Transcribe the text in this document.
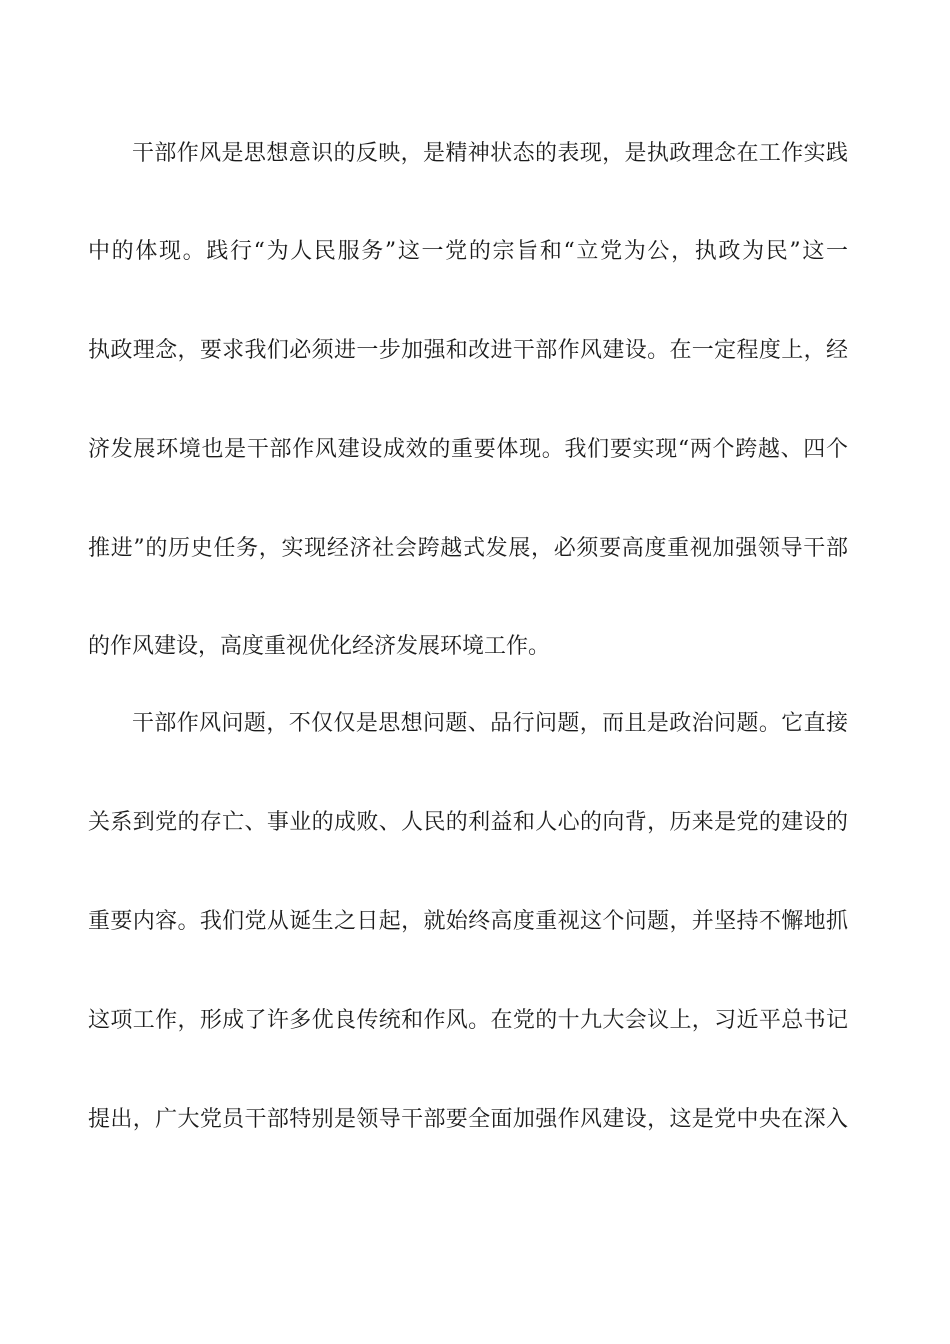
干部作风是思想意识的反映，是精神状态的表现，是执政理念在工作实践
中的体现。践行“为人民服务”这一党的宗旨和“立党为公，执政为民”这一
执政理念，要求我们必须进一步加强和改进干部作风建设。在一定程度上，经
济发展环境也是干部作风建设成效的重要体现。我们要实现“两个跨越、四个
推进”的历史任务，实现经济社会跨越式发展，必须要高度重视加强领导干部
的作风建设，高度重视优化经济发展环境工作。
干部作风问题，不仅仅是思想问题、品行问题，而且是政治问题。它直接
关系到党的存亡、事业的成败、人民的利益和人心的向背，历来是党的建设的
重要内容。我们党从诞生之日起，就始终高度重视这个问题，并坚持不懈地抓
这项工作，形成了许多优良传统和作风。在党的十九大会议上，习近平总书记
提出，广大党员干部特别是领导干部要全面加强作风建设，这是党中央在深入
